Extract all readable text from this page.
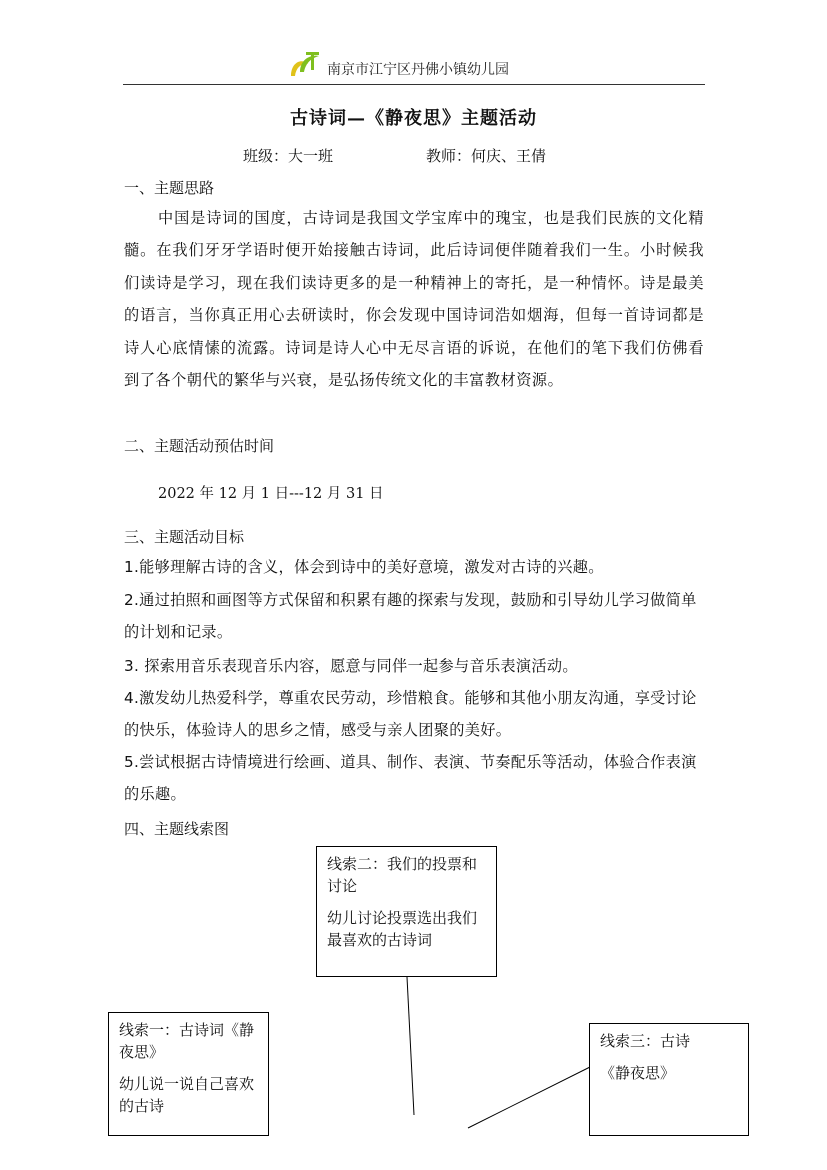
南京市江宁区丹佛小镇幼儿园
古诗词—《静夜思》主题活动
班级：大一班	教师：何庆、王倩
一、主题思路
中国是诗词的国度，古诗词是我国文学宝库中的瑰宝，也是我们民族的文化精髓。在我们牙牙学语时便开始接触古诗词，此后诗词便伴随着我们一生。小时候我们读诗是学习，现在我们读诗更多的是一种精神上的寄托，是一种情怀。诗是最美的语言，当你真正用心去研读时，你会发现中国诗词浩如烟海，但每一首诗词都是诗人心底情愫的流露。诗词是诗人心中无尽言语的诉说，在他们的笔下我们仿佛看到了各个朝代的繁华与兴衰，是弘扬传统文化的丰富教材资源。
二、主题活动预估时间
2022 年 12 月 1 日---12 月 31 日
三、主题活动目标
1.能够理解古诗的含义，体会到诗中的美好意境，激发对古诗的兴趣。
2.通过拍照和画图等方式保留和积累有趣的探索与发现，鼓励和引导幼儿学习做简单的计划和记录。
3. 探索用音乐表现音乐内容，愿意与同伴一起参与音乐表演活动。
4.激发幼儿热爱科学，尊重农民劳动，珍惜粮食。能够和其他小朋友沟通，享受讨论的快乐，体验诗人的思乡之情，感受与亲人团聚的美好。
5.尝试根据古诗情境进行绘画、道具、制作、表演、节奏配乐等活动，体验合作表演的乐趣。
四、主题线索图
线索二：我们的投票和讨论
幼儿讨论投票选出我们最喜欢的古诗词
线索一：古诗词《静夜思》
幼儿说一说自己喜欢的古诗
线索三：古诗
《静夜思》
